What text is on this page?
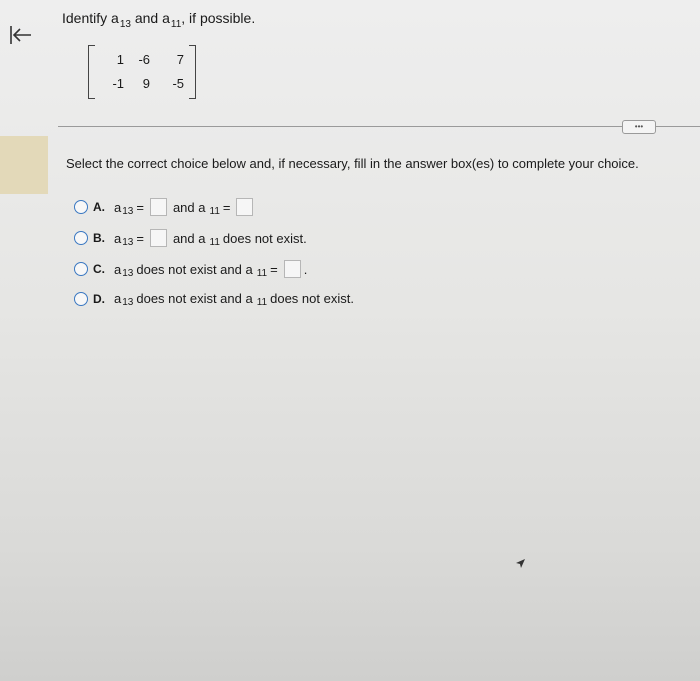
Identify $a_{13}$ and $a_{11}$, if possible.
1	-6	7
-1	9	-5
•••
Select the correct choice below and, if necessary, fill in the answer box(es) to complete your choice.
A. a 13 = and a 11 =
B. a 13 = and a 11 does not exist.
C. a 13 does not exist and a 11 = .
D. a 13 does not exist and a 11 does not exist.
